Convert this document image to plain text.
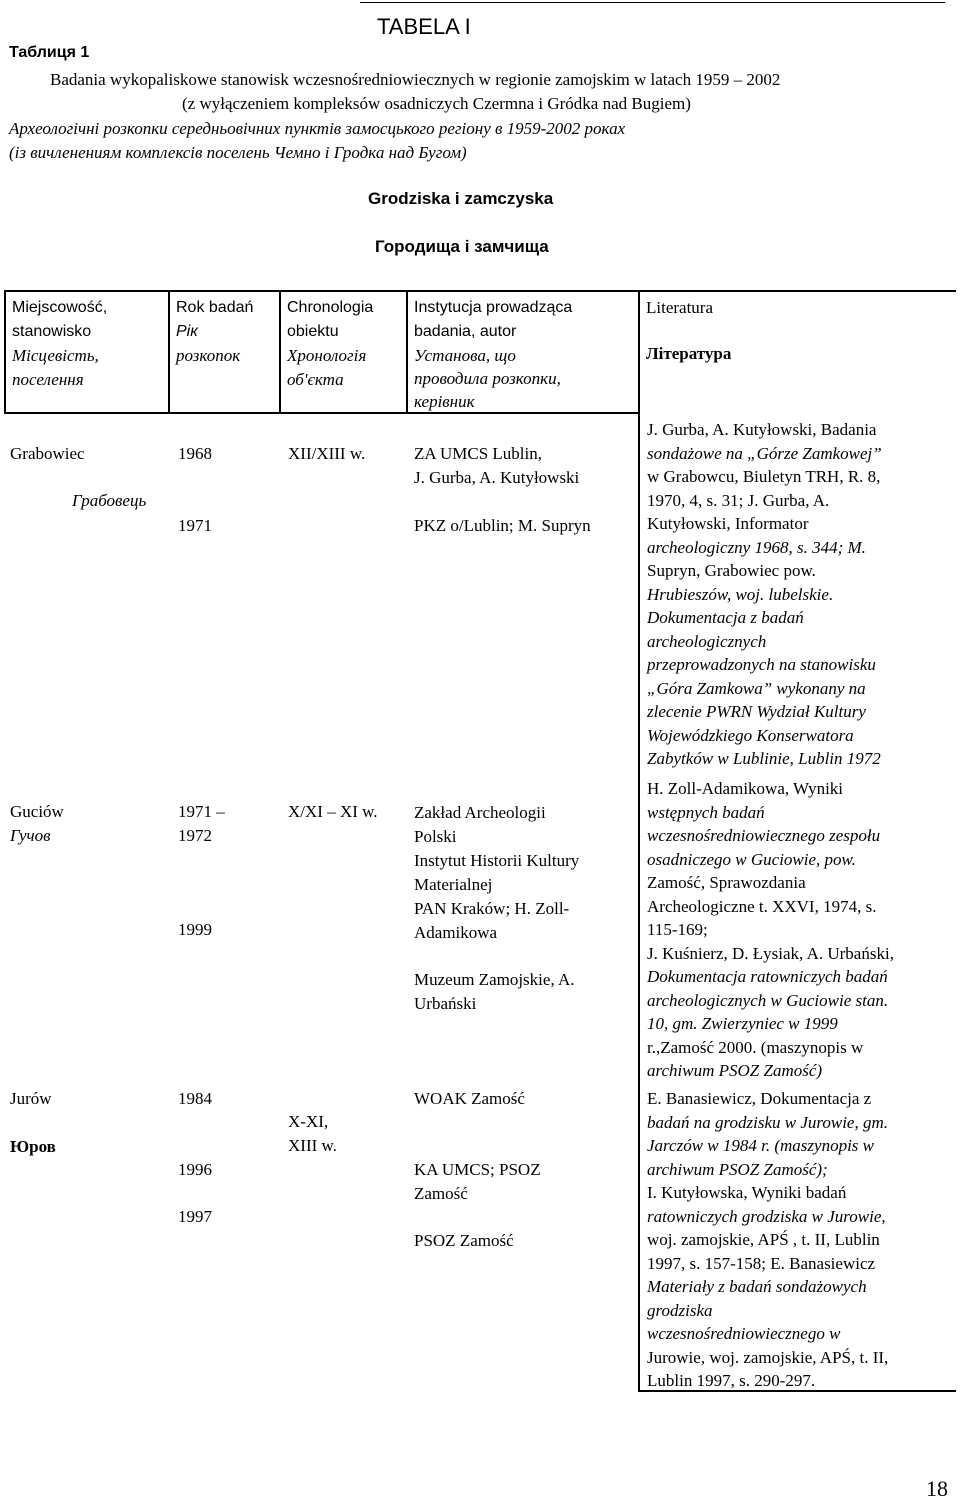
TABELA I
Таблиця 1
Badania wykopaliskowe stanowisk wczesnośredniowiecznych w regionie zamojskim w latach 1959 – 2002
(z wyłączeniem kompleksów osadniczych Czermna i Gródka nad Bugiem)
Археологічні розкопки середньовічних пунктів замосцького регіону в 1959-2002 роках
(із вичленениям комплексів поселень Чемно і Гродка над Бугом)
Grodziska i zamczyska
Городища і замчища
Miejscowość,
stanowisko
Місцевість,
поселення
Rok badań
Рік
розкопок
Chronologia
obiektu
Хронологія
об'єкта
Instytucja prowadząca
badania, autor
Установа, що
проводила розкопки,
керівник
Literatura
Література
Grabowiec
Грабовець
1968
1971
XII/XIII w.	ZA UMCS Lublin,
J. Gurba, A. Kutyłowski
PKZ o/Lublin; M. Supryn
J. Gurba, A. Kutyłowski, Badania
sondażowe na „Górze Zamkowej”
w Grabowcu, Biuletyn TRH, R. 8,
1970, 4, s. 31; J. Gurba, A.
Kutyłowski, Informator
archeologiczny 1968, s. 344; M.
Supryn, Grabowiec pow.
Hrubieszów, woj. lubelskie.
Dokumentacja z badań
archeologicznych
przeprowadzonych na stanowisku
„Góra Zamkowa” wykonany na
zlecenie PWRN Wydział Kultury
Wojewódzkiego Konserwatora
Zabytków w Lublinie, Lublin 1972
Guciów
Гучов
1971 –
1972
1999
X/XI – XI w. Zakład Archeologii
Polski
Instytut Historii Kultury
Materialnej
PAN Kraków; H. Zoll-
Adamikowa
Muzeum Zamojskie, A.
Urbański
H. Zoll-Adamikowa, Wyniki
wstępnych badań
wczesnośredniowiecznego zespołu
osadniczego w Guciowie, pow.
Zamość, Sprawozdania
Archeologiczne t. XXVI, 1974, s.
115-169;
J. Kuśnierz, D. Łysiak, A. Urbański,
Dokumentacja ratowniczych badań
archeologicznych w Guciowie stan.
10, gm. Zwierzyniec w 1999
r.,Zamość 2000. (maszynopis w
archiwum PSOZ Zamość)
Jurów
Юров
1984
1996
1997
X-XI,
XIII w.
WOAK Zamość
KA UMCS; PSOZ
Zamość
PSOZ Zamość
E. Banasiewicz, Dokumentacja z
badań na grodzisku w Jurowie, gm.
Jarczów w 1984 r. (maszynopis w
archiwum PSOZ Zamość);
I. Kutyłowska, Wyniki badań
ratowniczych grodziska w Jurowie,
woj. zamojskie, APŚ , t. II, Lublin
1997, s. 157-158; E. Banasiewicz
Materiały z badań sondażowych
grodziska
wczesnośredniowiecznego w
Jurowie, woj. zamojskie, APŚ, t. II,
Lublin 1997, s. 290-297.
18
